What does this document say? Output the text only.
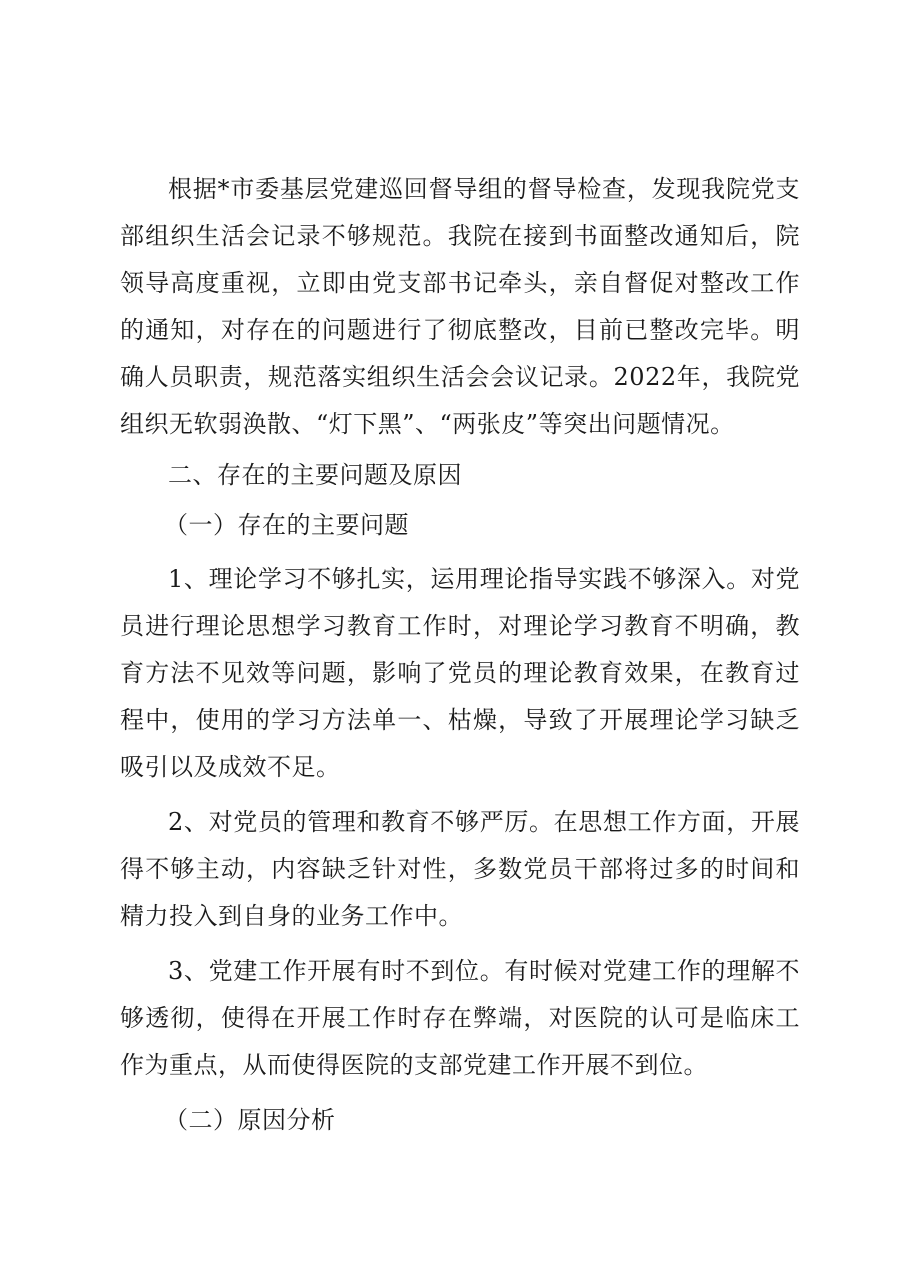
根据*市委基层党建巡回督导组的督导检查，发现我院党支部组织生活会记录不够规范。我院在接到书面整改通知后，院领导高度重视，立即由党支部书记牵头，亲自督促对整改工作的通知，对存在的问题进行了彻底整改，目前已整改完毕。明确人员职责，规范落实组织生活会会议记录。2022年，我院党组织无软弱涣散、“灯下黑”、“两张皮”等突出问题情况。

二、存在的主要问题及原因

（一）存在的主要问题

1、理论学习不够扎实，运用理论指导实践不够深入。对党员进行理论思想学习教育工作时，对理论学习教育不明确，教育方法不见效等问题，影响了党员的理论教育效果，在教育过程中，使用的学习方法单一、枯燥，导致了开展理论学习缺乏吸引以及成效不足。

2、对党员的管理和教育不够严厉。在思想工作方面，开展得不够主动，内容缺乏针对性，多数党员干部将过多的时间和精力投入到自身的业务工作中。

3、党建工作开展有时不到位。有时候对党建工作的理解不够透彻，使得在开展工作时存在弊端，对医院的认可是临床工作为重点，从而使得医院的支部党建工作开展不到位。

（二）原因分析
